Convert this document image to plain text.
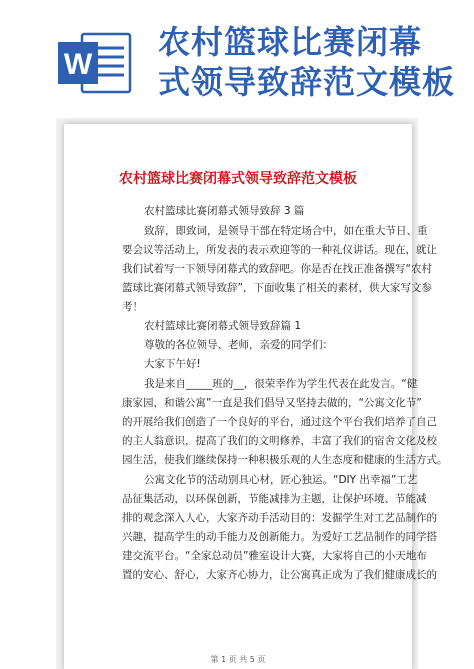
W
农村篮球比赛闭幕
式领导致辞范文模板
农村篮球比赛闭幕式领导致辞范文模板
农村篮球比赛闭幕式领导致辞 3 篇
致辞，即致词，是领导干部在特定场合中，如在重大节日、重
要会议等活动上，所发表的表示欢迎等的一种礼仪讲话。现在，就让
我们试着写一下领导闭幕式的致辞吧。你是否在找正准备撰写“农村
篮球比赛闭幕式领导致辞”，下面收集了相关的素材，供大家写文参
考！
农村篮球比赛闭幕式领导致辞篇 1
尊敬的各位领导、老师，亲爱的同学们：
大家下午好!
我是来自_____班的__，很荣幸作为学生代表在此发言。“健
康家园，和谐公寓”一直是我们倡导又坚持去做的，“公寓文化节”
的开展给我们创造了一个良好的平台，通过这个平台我们培养了自己
的主人翁意识，提高了我们的文明修养，丰富了我们的宿舍文化及校
园生活，使我们继续保持一种积极乐观的人生态度和健康的生活方式。
公寓文化节的活动别具心材，匠心独运。“DIY 出幸福”工艺
品征集活动，以环保创新，节能减排为主题，让保护环境、节能减
排的观念深入人心，大家齐动手活动目的：发掘学生对工艺品制作的
兴趣，提高学生的动手能力及创新能力。为爱好工艺品制作的同学搭
建交流平台。“全家总动员”雅室设计大赛，大家将自己的小天地布
置的安心、舒心，大家齐心协力，让公寓真正成为了我们健康成长的
第 1 页 共 5 页
